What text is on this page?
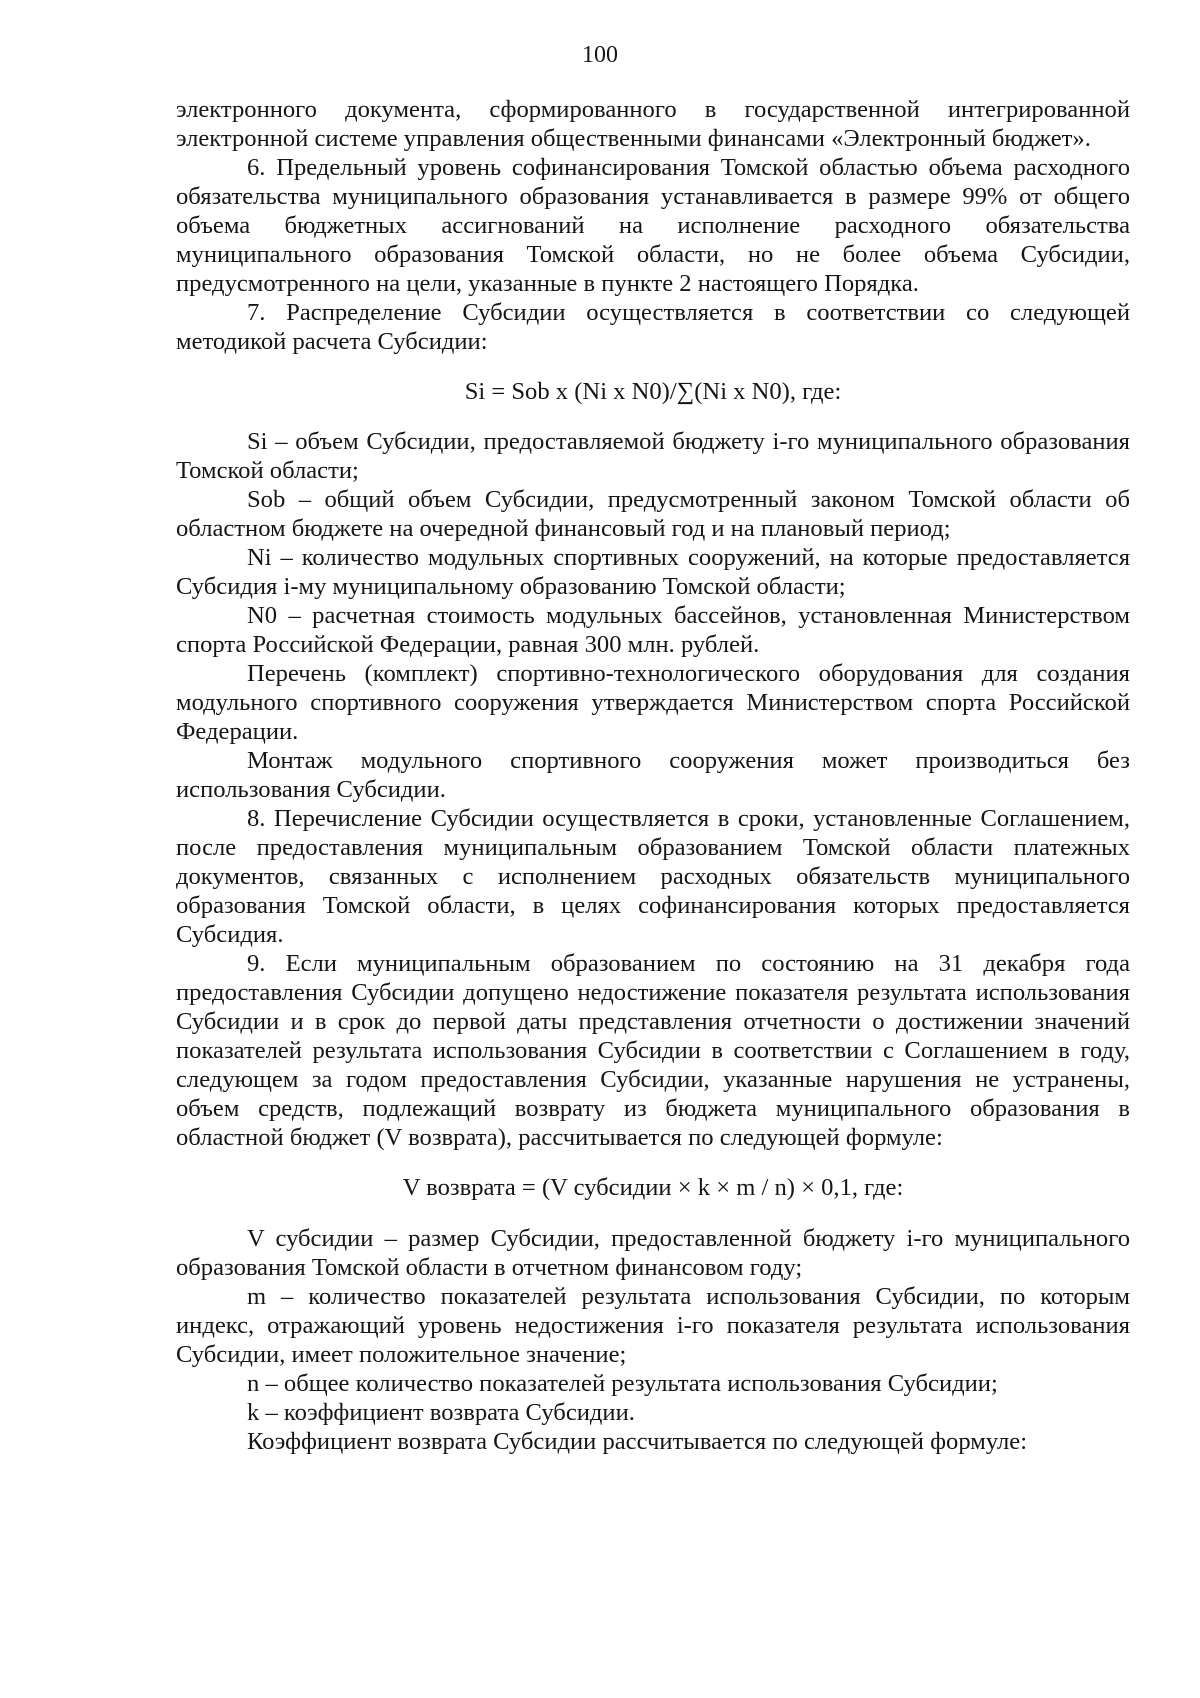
100

электронного документа, сформированного в государственной интегрированной электронной системе управления общественными финансами «Электронный бюджет».

6. Предельный уровень софинансирования Томской областью объема расходного обязательства муниципального образования устанавливается в размере 99% от общего объема бюджетных ассигнований на исполнение расходного обязательства муниципального образования Томской области, но не более объема Субсидии, предусмотренного на цели, указанные в пункте 2 настоящего Порядка.

7. Распределение Субсидии осуществляется в соответствии со следующей методикой расчета Субсидии:

Si = Sob x (Ni x N0)/∑(Ni x N0), где:

Si – объем Субсидии, предоставляемой бюджету i-го муниципального образования Томской области;

Sob – общий объем Субсидии, предусмотренный законом Томской области об областном бюджете на очередной финансовый год и на плановый период;

Ni – количество модульных спортивных сооружений, на которые предоставляется Субсидия i-му муниципальному образованию Томской области;

N0 – расчетная стоимость модульных бассейнов, установленная Министерством спорта Российской Федерации, равная 300 млн. рублей.

Перечень (комплект) спортивно-технологического оборудования для создания модульного спортивного сооружения утверждается Министерством спорта Российской Федерации.

Монтаж модульного спортивного сооружения может производиться без использования Субсидии.

8. Перечисление Субсидии осуществляется в сроки, установленные Соглашением, после предоставления муниципальным образованием Томской области платежных документов, связанных с исполнением расходных обязательств муниципального образования Томской области, в целях софинансирования которых предоставляется Субсидия.

9. Если муниципальным образованием по состоянию на 31 декабря года предоставления Субсидии допущено недостижение показателя результата использования Субсидии и в срок до первой даты представления отчетности о достижении значений показателей результата использования Субсидии в соответствии с Соглашением в году, следующем за годом предоставления Субсидии, указанные нарушения не устранены, объем средств, подлежащий возврату из бюджета муниципального образования в областной бюджет (V возврата), рассчитывается по следующей формуле:

V возврата = (V субсидии × k × m / n) × 0,1, где:

V субсидии – размер Субсидии, предоставленной бюджету i-го муниципального образования Томской области в отчетном финансовом году;

m – количество показателей результата использования Субсидии, по которым индекс, отражающий уровень недостижения i-го показателя результата использования Субсидии, имеет положительное значение;

n – общее количество показателей результата использования Субсидии;

k – коэффициент возврата Субсидии.

Коэффициент возврата Субсидии рассчитывается по следующей формуле:
